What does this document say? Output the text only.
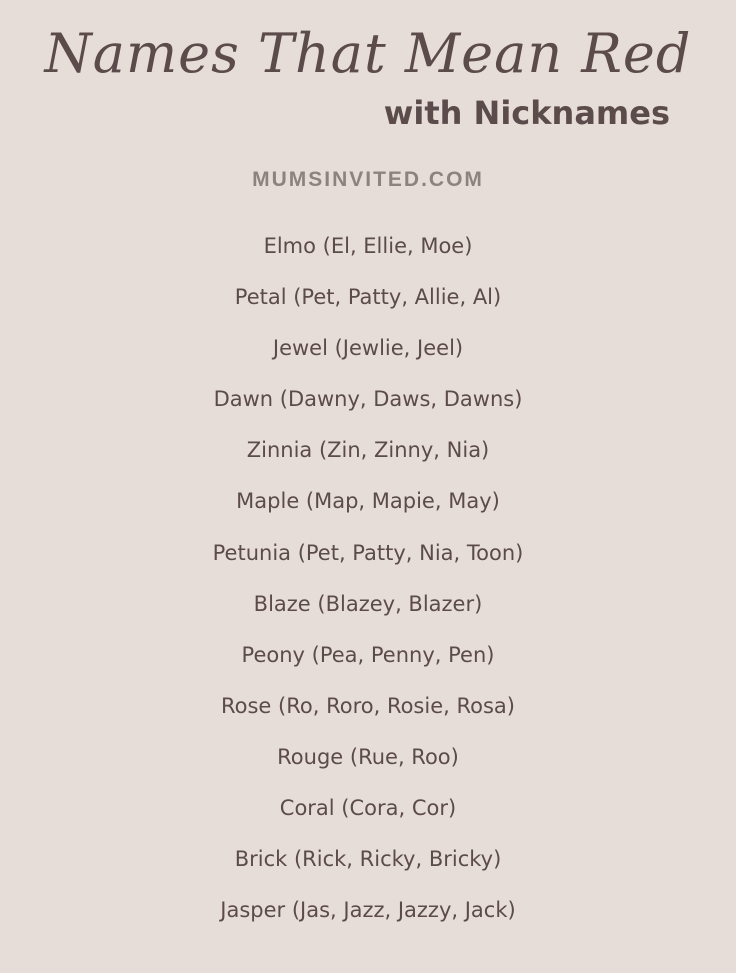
Names That Mean Red
with Nicknames
MUMSINVITED.COM
Elmo (El, Ellie, Moe)
Petal (Pet, Patty, Allie, Al)
Jewel (Jewlie, Jeel)
Dawn (Dawny, Daws, Dawns)
Zinnia (Zin, Zinny, Nia)
Maple (Map, Mapie, May)
Petunia (Pet, Patty, Nia, Toon)
Blaze (Blazey, Blazer)
Peony (Pea, Penny, Pen)
Rose (Ro, Roro, Rosie, Rosa)
Rouge (Rue, Roo)
Coral (Cora, Cor)
Brick (Rick, Ricky, Bricky)
Jasper (Jas, Jazz, Jazzy, Jack)
